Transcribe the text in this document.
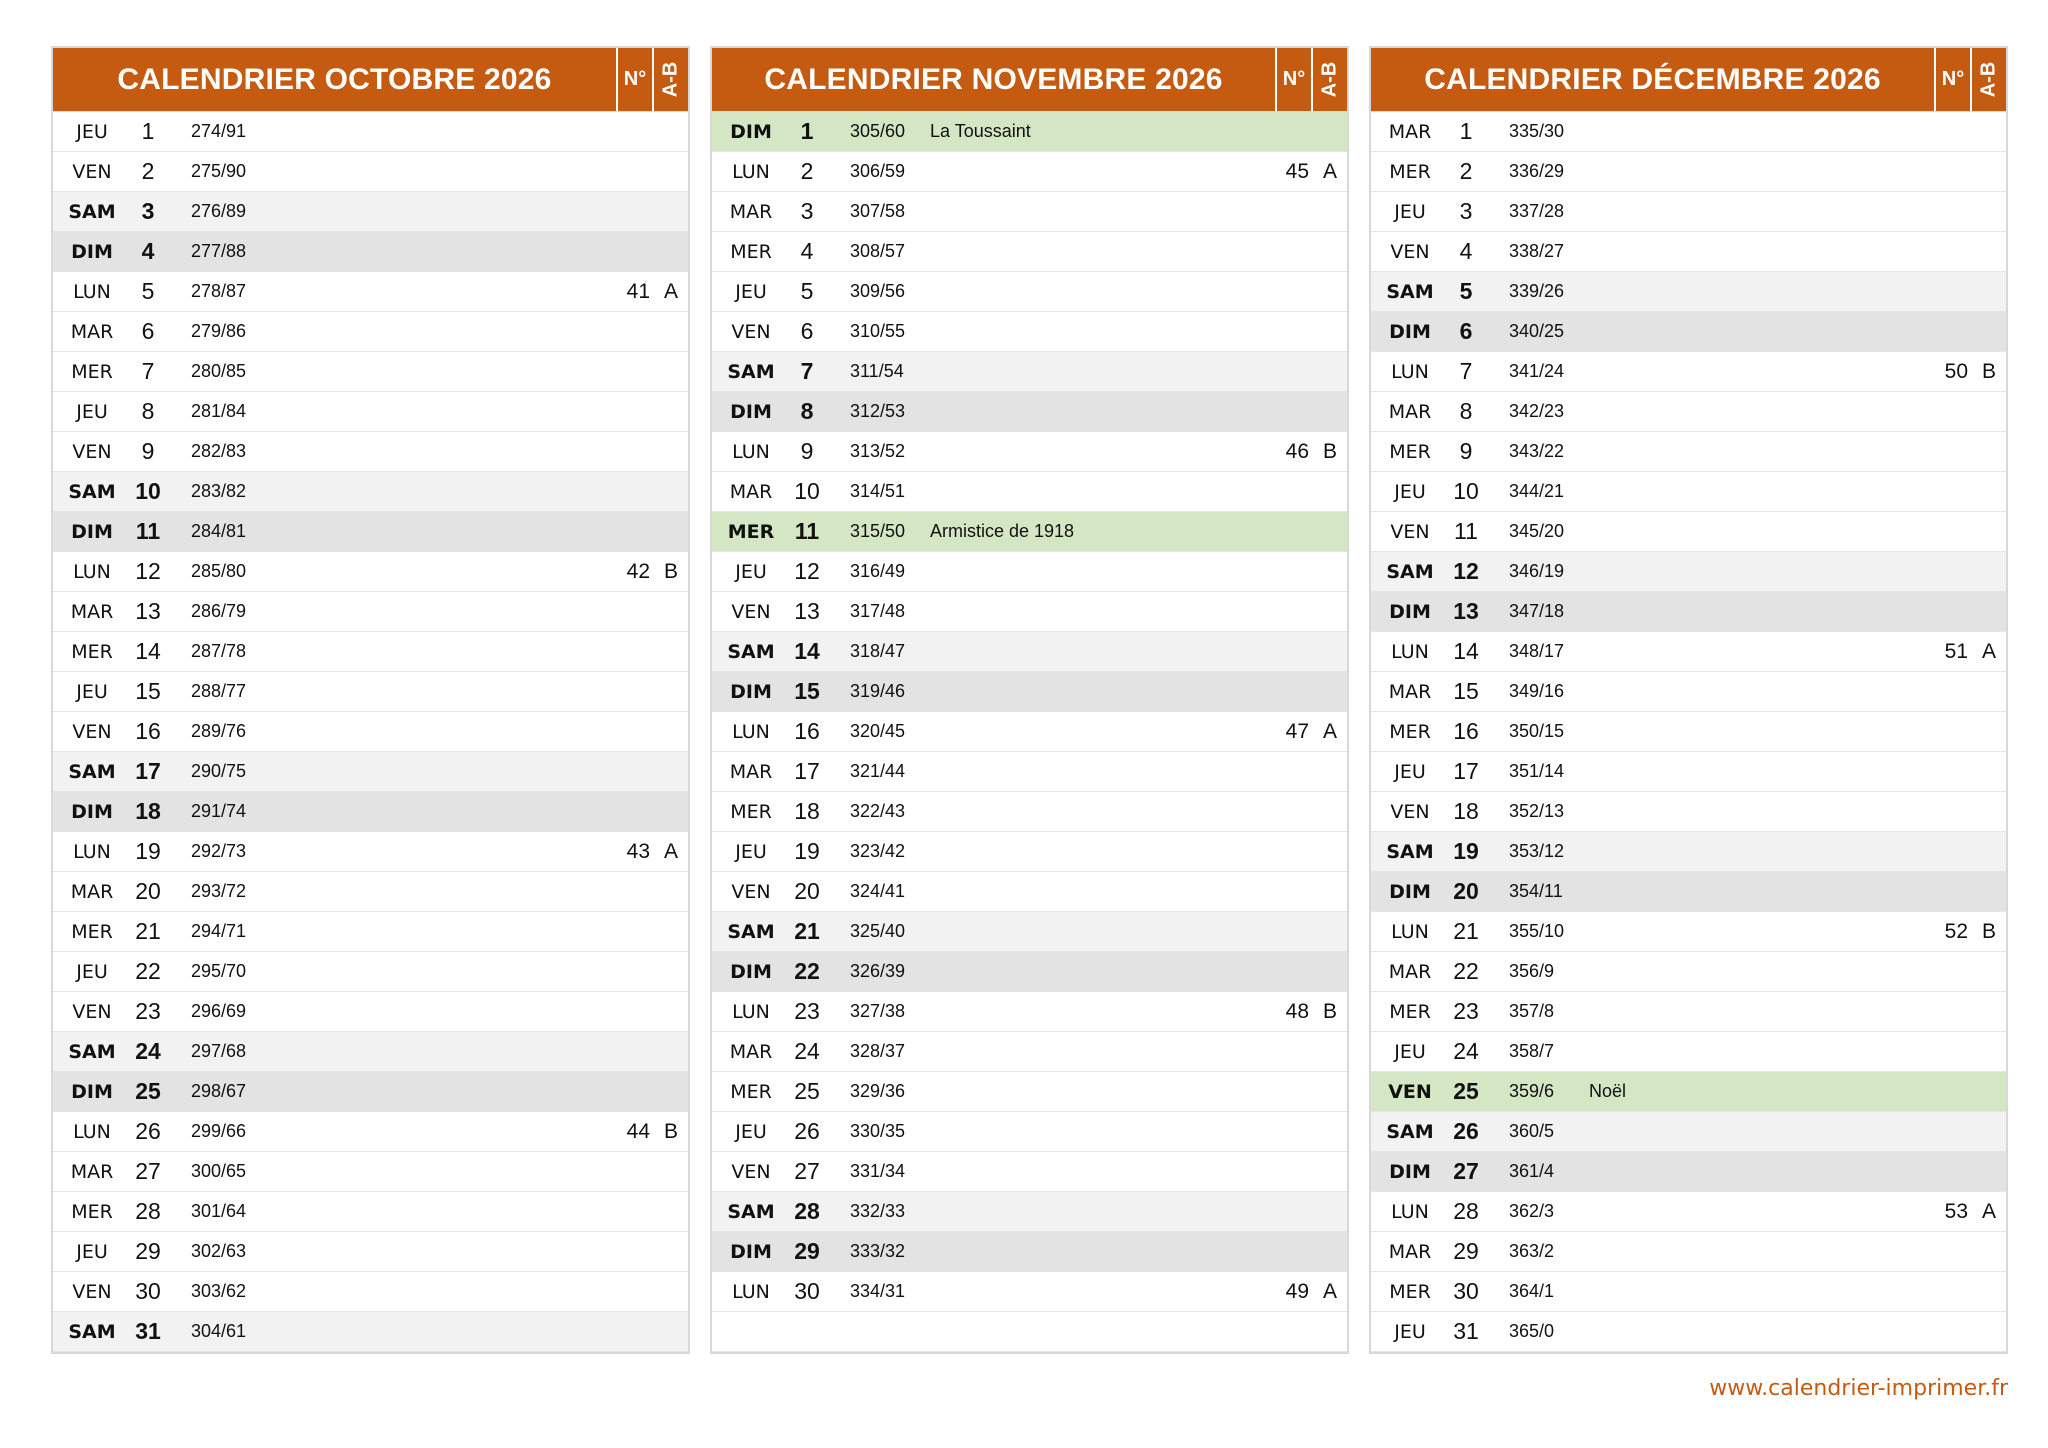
CALENDRIER OCTOBRE 2026	N° A-B
JEU	1	274/91
VEN	2	275/90
SAM	3	276/89
DIM	4	277/88
LUN	5	278/87	41 A
MAR	6	279/86
MER	7	280/85
JEU	8	281/84
VEN	9	282/83
SAM 10	283/82
DIM 11	284/81
LUN	12	285/80	42 B
MAR 13	286/79
MER 14	287/78
JEU	15	288/77
VEN	16	289/76
SAM 17	290/75
DIM 18	291/74
LUN	19	292/73	43 A
MAR 20	293/72
MER 21	294/71
JEU	22	295/70
VEN	23	296/69
SAM 24	297/68
DIM 25	298/67
LUN	26	299/66	44 B
MAR 27	300/65
MER 28	301/64
JEU	29	302/63
VEN	30	303/62
SAM 31	304/61
CALENDRIER NOVEMBRE 2026	N° A-B
DIM	1	305/60	La Toussaint
LUN	2	306/59	45 A
MAR	3	307/58
MER	4	308/57
JEU	5	309/56
VEN	6	310/55
SAM	7	311/54
DIM	8	312/53
LUN	9	313/52	46 B
MAR 10	314/51
MER 11	315/50	Armistice de 1918
JEU	12	316/49
VEN	13	317/48
SAM 14	318/47
DIM 15	319/46
LUN	16	320/45	47 A
MAR 17	321/44
MER 18	322/43
JEU	19	323/42
VEN	20	324/41
SAM 21	325/40
DIM 22	326/39
LUN	23	327/38	48 B
MAR 24	328/37
MER 25	329/36
JEU	26	330/35
VEN	27	331/34
SAM 28	332/33
DIM 29	333/32
LUN	30	334/31	49 A
CALENDRIER DÉCEMBRE 2026	N° A-B
MAR	1	335/30
MER	2	336/29
JEU	3	337/28
VEN	4	338/27
SAM	5	339/26
DIM	6	340/25
LUN	7	341/24	50 B
MAR	8	342/23
MER	9	343/22
JEU	10	344/21
VEN	11	345/20
SAM 12	346/19
DIM 13	347/18
LUN	14	348/17	51 A
MAR 15	349/16
MER 16	350/15
JEU	17	351/14
VEN	18	352/13
SAM 19	353/12
DIM 20	354/11
LUN	21	355/10	52 B
MAR 22	356/9
MER 23	357/8
JEU	24	358/7
VEN 25	359/6	Noël
SAM 26	360/5
DIM 27	361/4
LUN	28	362/3	53 A
MAR 29	363/2
MER 30	364/1
JEU	31	365/0
www.calendrier-imprimer.fr
